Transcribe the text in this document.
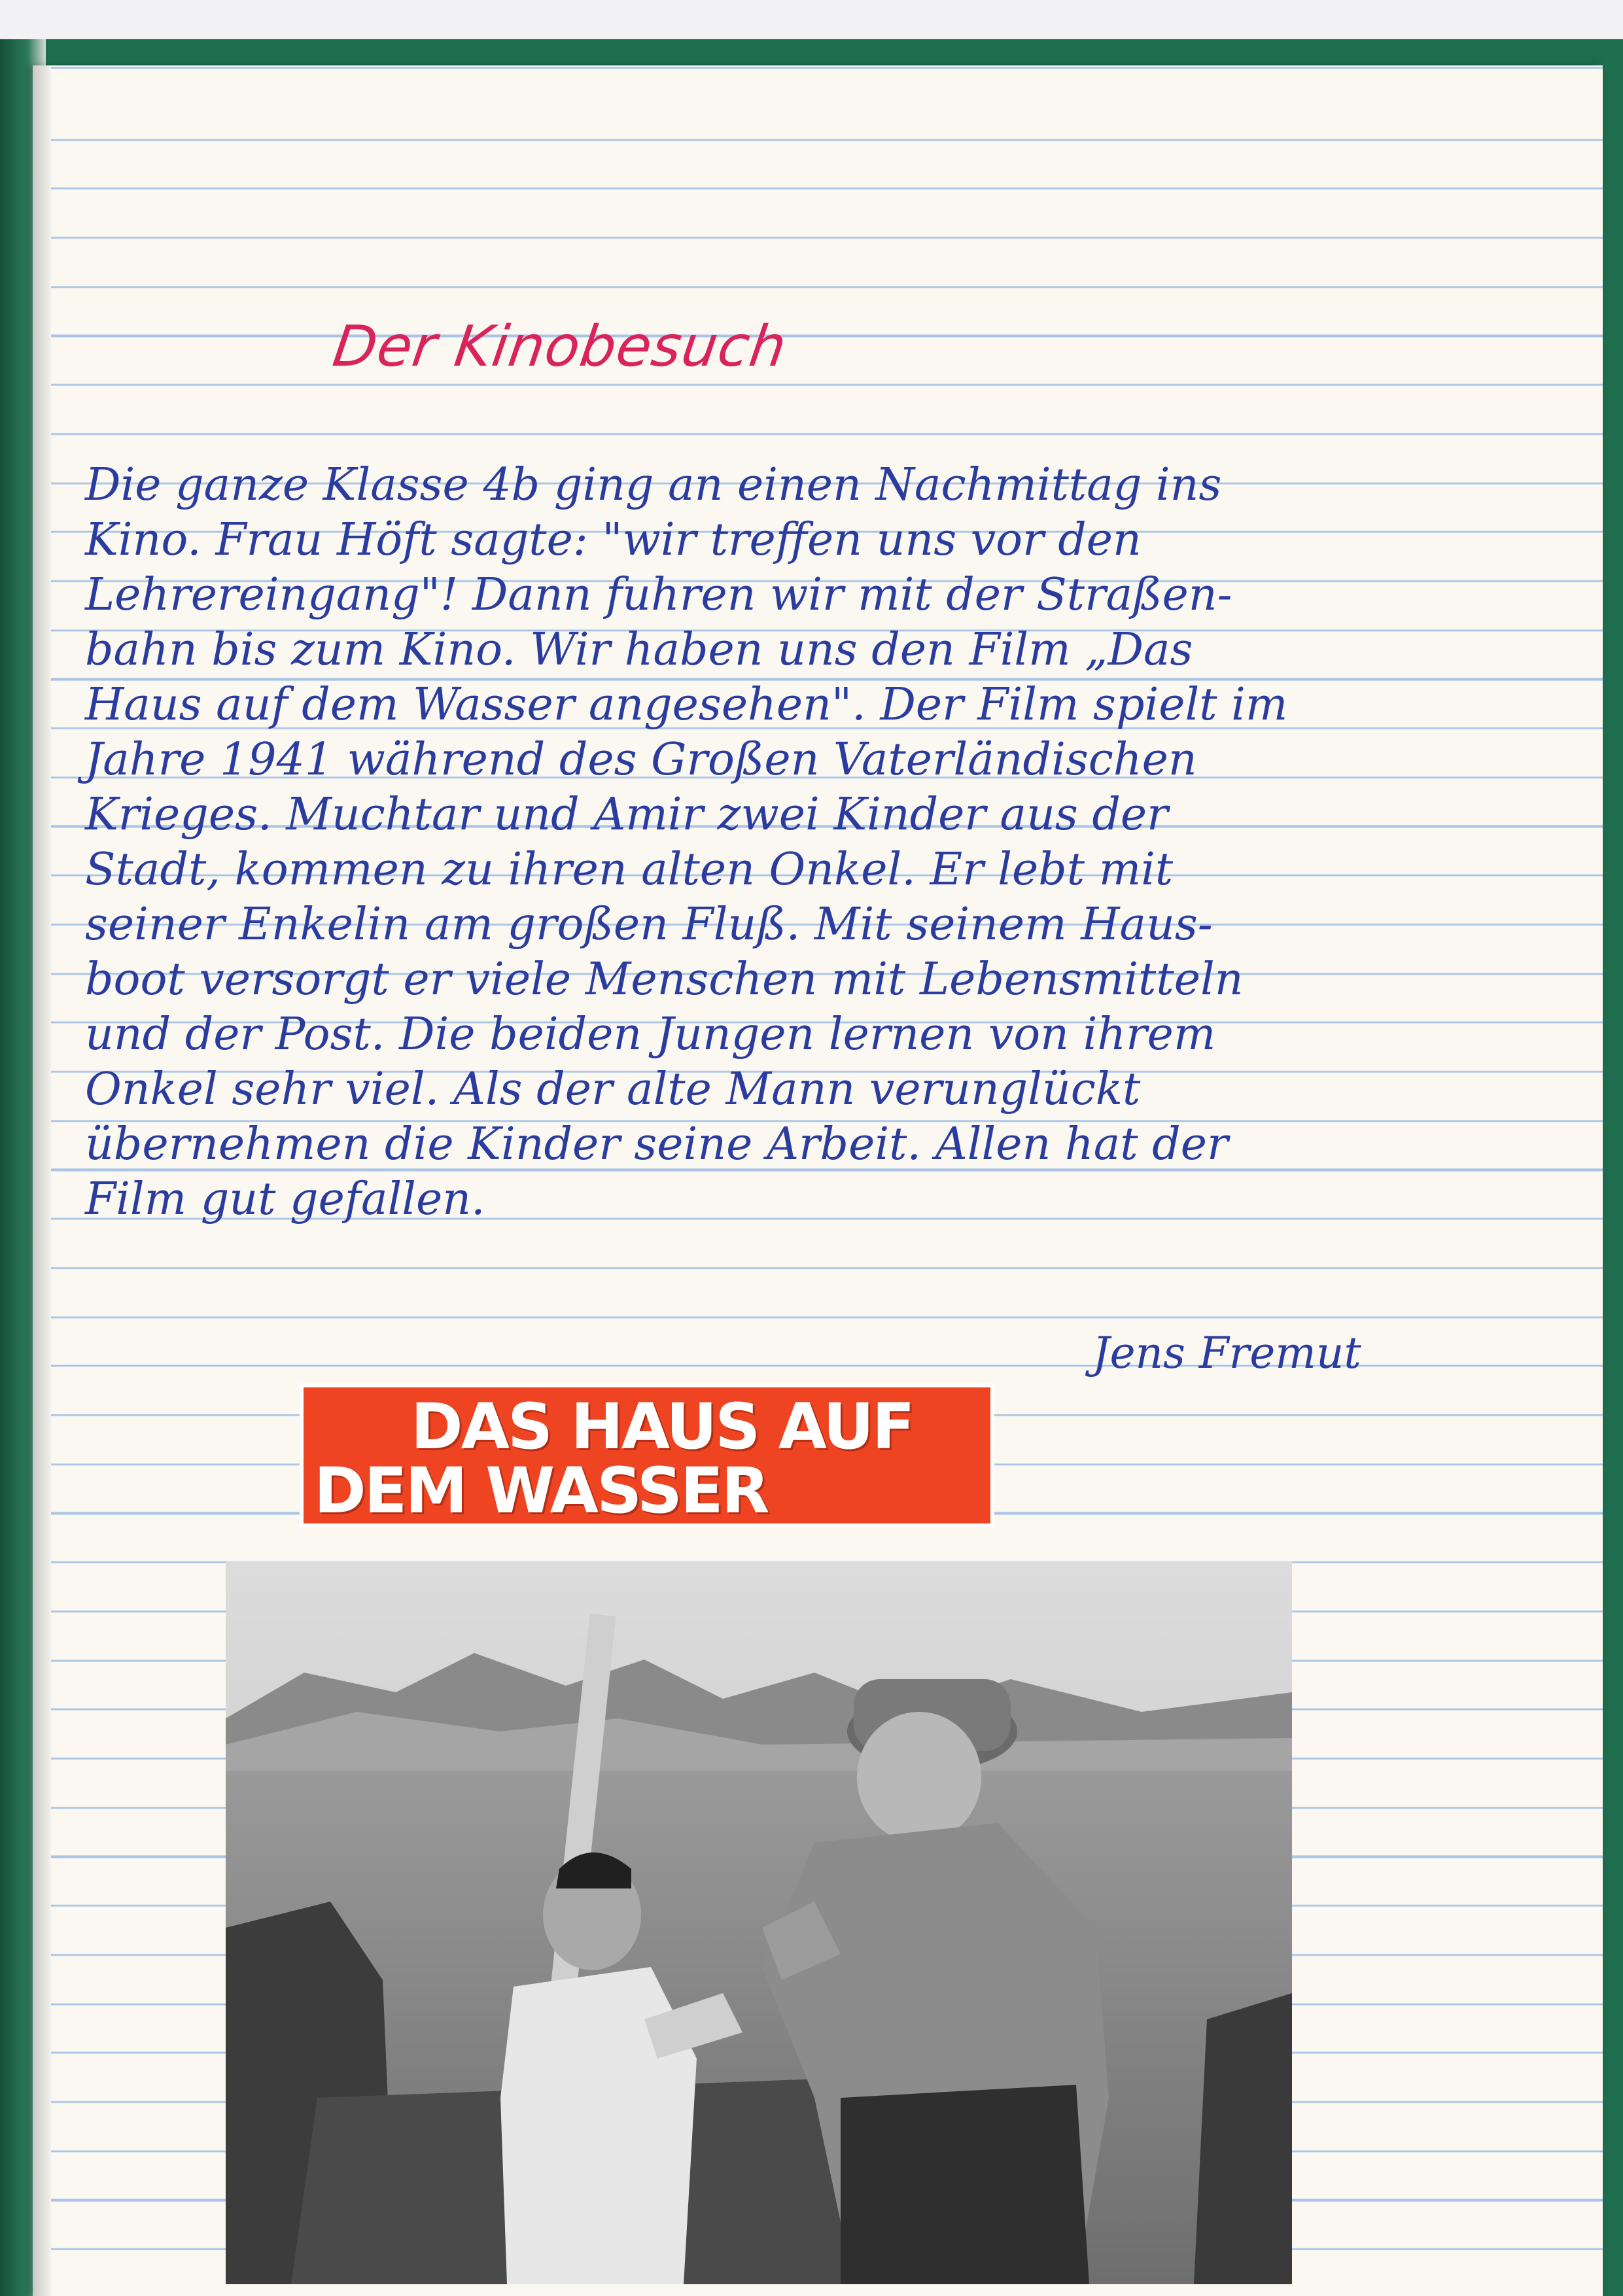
Der Kinobesuch
Die ganze Klasse 4b ging an einen Nachmittag ins
Kino. Frau Höft sagte: "wir treffen uns vor den
Lehrereingang"! Dann fuhren wir mit der Straßen-
bahn bis zum Kino. Wir haben uns den Film „Das
Haus auf dem Wasser angesehen". Der Film spielt im
Jahre 1941 während des Großen Vaterländischen
Krieges. Muchtar und Amir zwei Kinder aus der
Stadt, kommen zu ihren alten Onkel. Er lebt mit
seiner Enkelin am großen Fluß. Mit seinem Haus-
boot versorgt er viele Menschen mit Lebensmitteln
und der Post. Die beiden Jungen lernen von ihrem
Onkel sehr viel. Als der alte Mann verunglückt
übernehmen die Kinder seine Arbeit. Allen hat der
Film gut gefallen.
Jens Fremut
DAS HAUS AUF
DEM WASSER
